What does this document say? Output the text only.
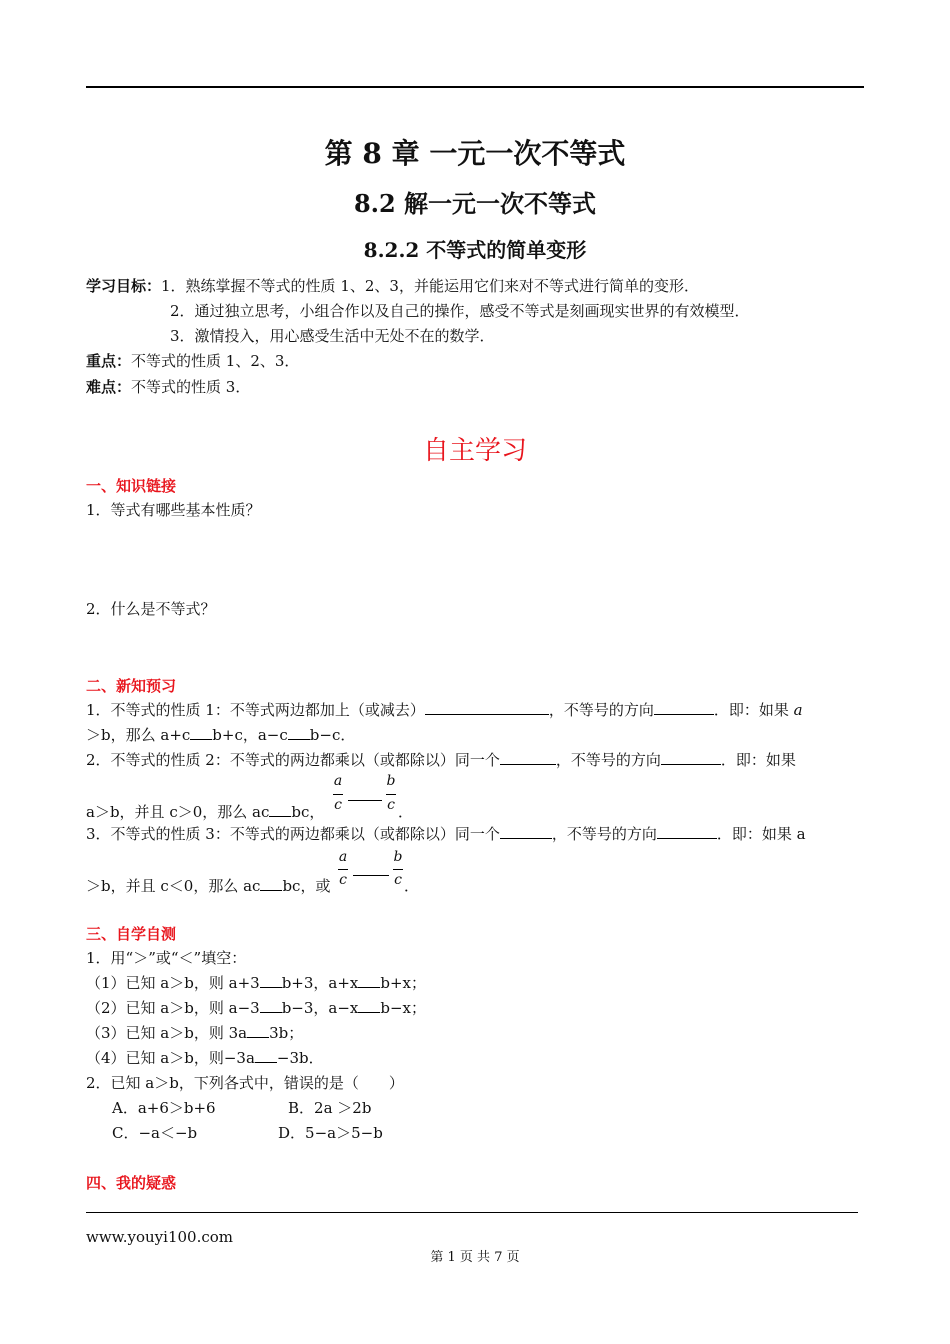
第 8 章 一元一次不等式
8.2 解一元一次不等式
8.2.2 不等式的简单变形
学习目标：1．熟练掌握不等式的性质 1、2、3，并能运用它们来对不等式进行简单的变形．
2．通过独立思考，小组合作以及自己的操作，感受不等式是刻画现实世界的有效模型．
3．激情投入，用心感受生活中无处不在的数学．
重点：不等式的性质 1、2、3．
难点：不等式的性质 3．
自主学习
一、知识链接
1．等式有哪些基本性质？
2．什么是不等式？
二、新知预习
1．不等式的性质 1：不等式两边都加上（或减去）	，不等号的方向	．即：如果 a
＞b，那么 a+c b+c，a−c b−c．
2．不等式的性质 2：不等式的两边都乘以（或都除以）同一个	，不等号的方向	．即：如果
a＞b，并且 c＞0，那么 ac bc，
a
c
b
c ．
3．不等式的性质 3：不等式的两边都乘以（或都除以）同一个	，不等号的方向	．即：如果 a
＞b，并且 c＜0，那么 ac bc，或
a
c
b
c ．
三、自学自测
1．用“＞”或“＜”填空：
（1）已知 a＞b，则 a+3 b+3，a+x b+x；
（2）已知 a＞b，则 a−3 b−3，a−x b−x；
（3）已知 a＞b，则 3a 3b；
（4）已知 a＞b，则−3a −3b．
2．已知 a＞b，下列各式中，错误的是（　　）
A．a+6＞b+6	B．2a ＞2b
C．−a＜−b	D．5−a＞5−b
四、我的疑惑
www.youyi100.com
第 1 页 共 7 页
